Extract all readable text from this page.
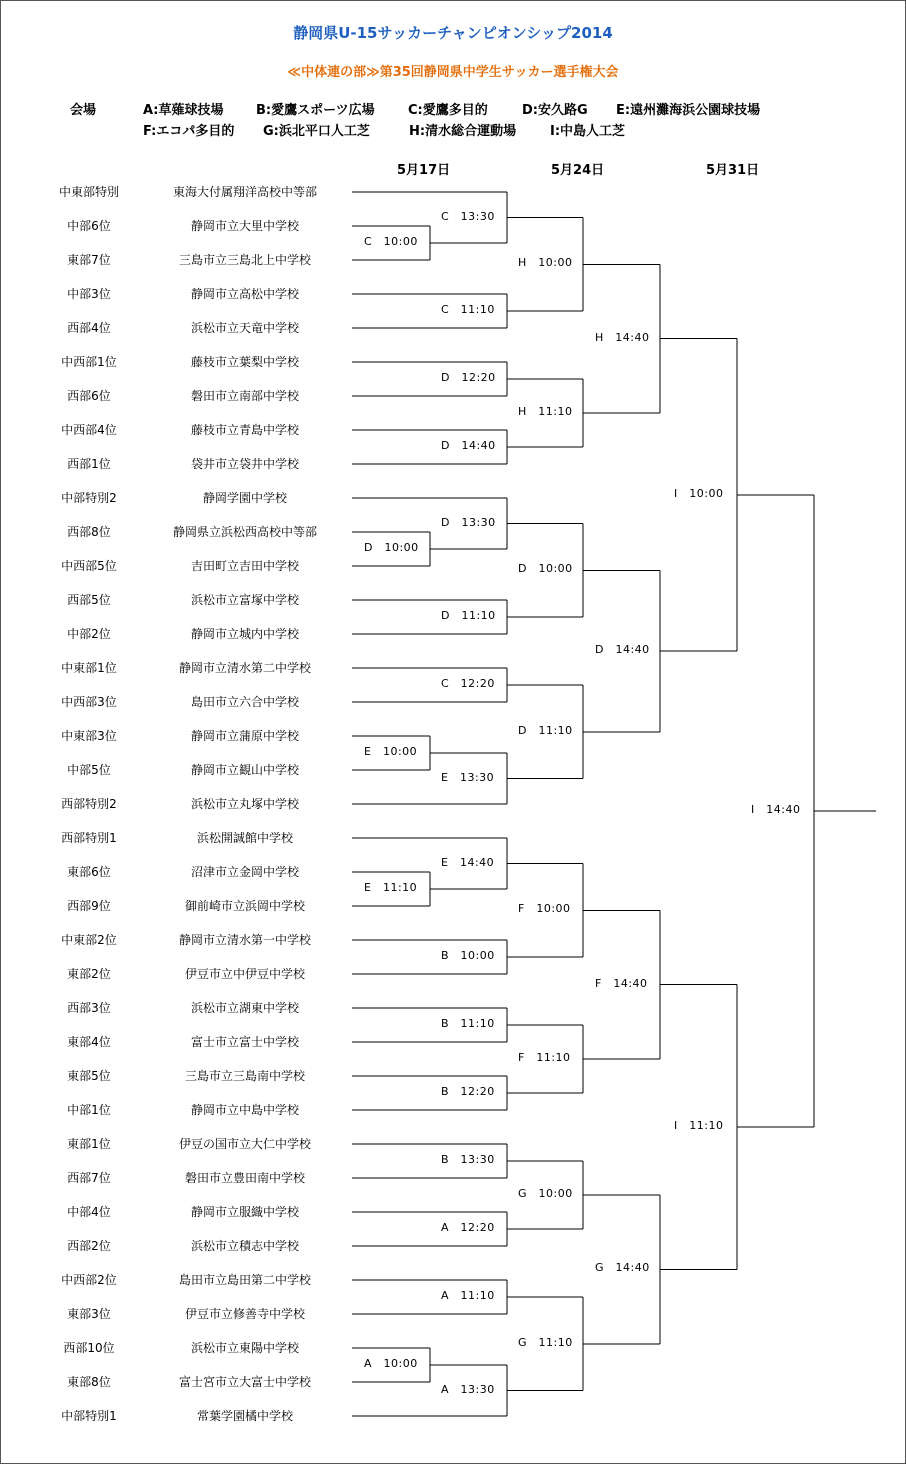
静岡県U-15サッカーチャンピオンシップ2014
≪中体連の部≫第35回静岡県中学生サッカー選手権大会
会場	A:草薙球技場 B:愛鷹スポーツ広場	C:愛鷹多目的	D:安久路G E:遠州灘海浜公園球技場
F:エコパ多目的 G:浜北平口人工芝	H:清水総合運動場	I:中島人工芝
5月17日	5月24日	5月31日
中東部特別	東海大付属翔洋高校中等部
中部6位	静岡市立大里中学校
東部7位	三島市立三島北上中学校
中部3位	静岡市立高松中学校
西部4位	浜松市立天竜中学校
中西部1位	藤枝市立葉梨中学校
西部6位	磐田市立南部中学校
中西部4位	藤枝市立青島中学校
西部1位	袋井市立袋井中学校
中部特別2	静岡学園中学校
西部8位	静岡県立浜松西高校中等部
中西部5位	吉田町立吉田中学校
西部5位	浜松市立富塚中学校
中部2位	静岡市立城内中学校
中東部1位	静岡市立清水第二中学校
中西部3位	島田市立六合中学校
中東部3位	静岡市立蒲原中学校
中部5位	静岡市立観山中学校
西部特別2	浜松市立丸塚中学校
西部特別1	浜松開誠館中学校
東部6位	沼津市立金岡中学校
西部9位	御前崎市立浜岡中学校
中東部2位	静岡市立清水第一中学校
東部2位	伊豆市立中伊豆中学校
西部3位	浜松市立湖東中学校
東部4位	富士市立富士中学校
東部5位	三島市立三島南中学校
中部1位	静岡市立中島中学校
東部1位	伊豆の国市立大仁中学校
西部7位	磐田市立豊田南中学校
中部4位	静岡市立服織中学校
西部2位	浜松市立積志中学校
中西部2位	島田市立島田第二中学校
東部3位	伊豆市立修善寺中学校
西部10位	浜松市立東陽中学校
東部8位	富士宮市立大富士中学校
中部特別1	常葉学園橘中学校
C　10:00
D　10:00
E　10:00
E　11:10
A　10:00
C　13:30
C　11:10
D　12:20
D　14:40
D　13:30
D　11:10
C　12:20
E　13:30
E　14:40
B　10:00
B　11:10
B　12:20
B　13:30
A　12:20
A　11:10
A　13:30
H　10:00
H　11:10
D　10:00
D　11:10
F　10:00
F　11:10
G　10:00
G　11:10
H　14:40
D　14:40
F　14:40
G　14:40
I　10:00
I　11:10
I　14:40
